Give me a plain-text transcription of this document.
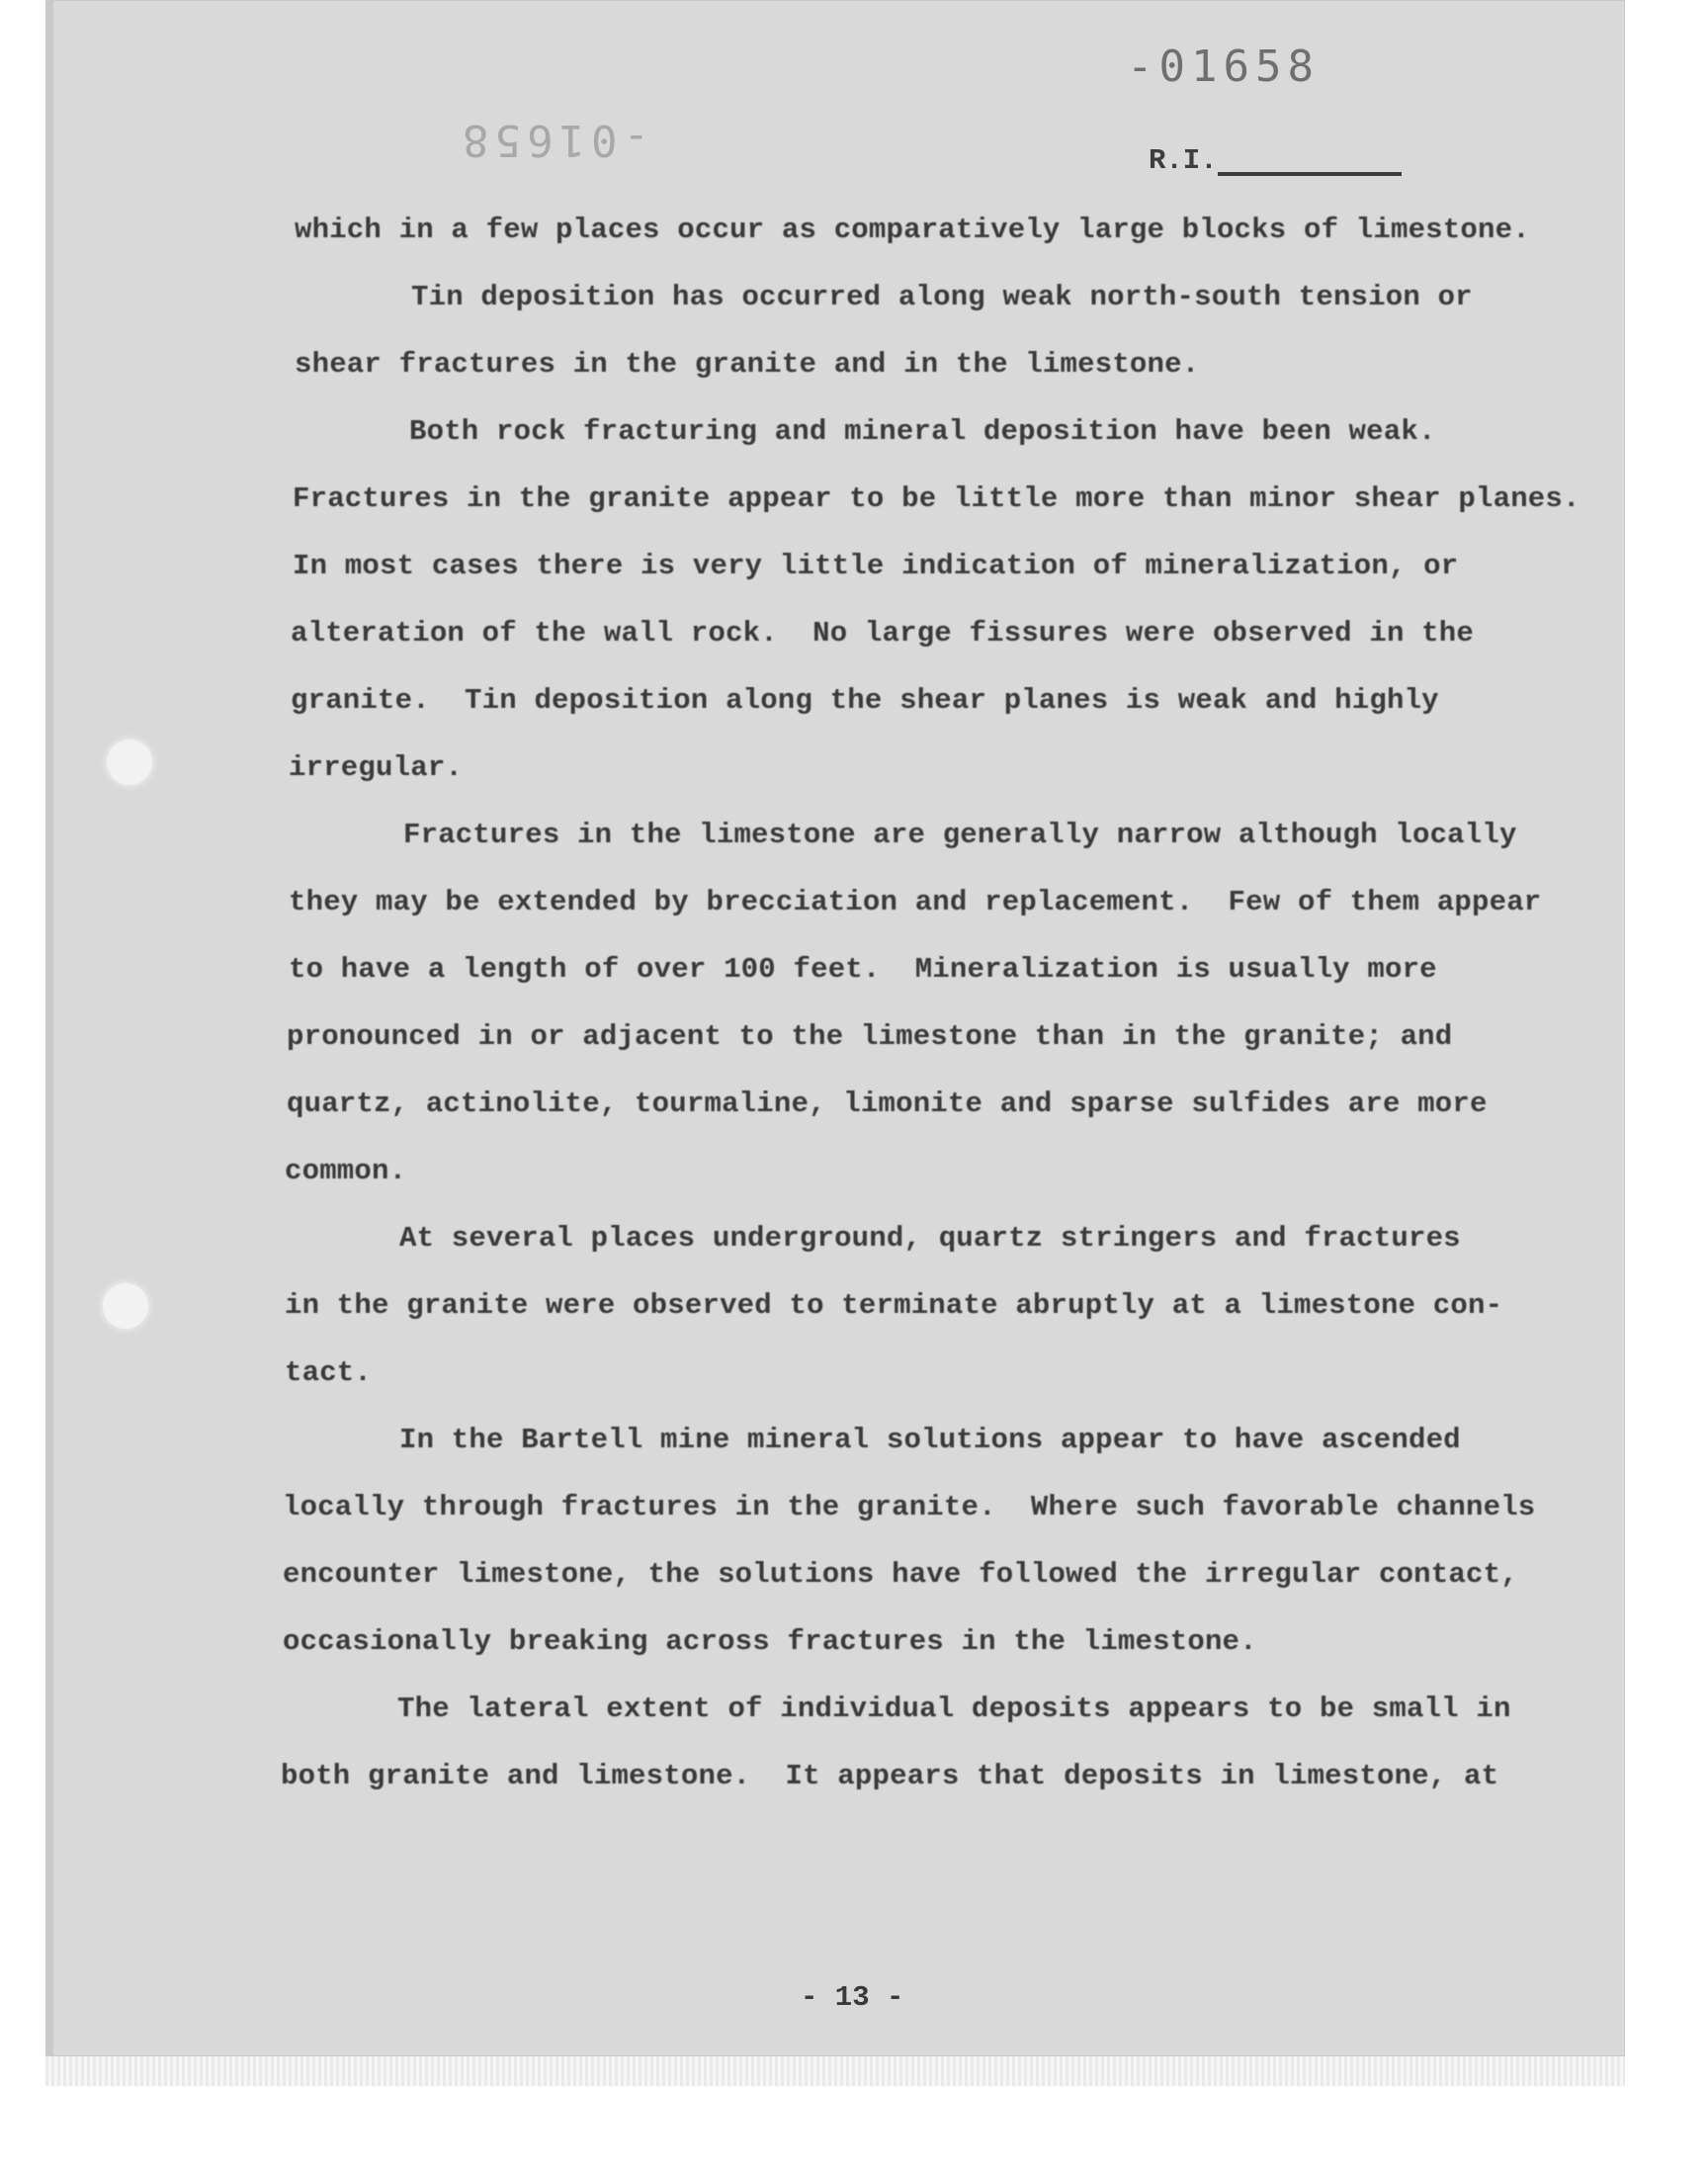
-01658
-01658	R.I.
which in a few places occur as comparatively large blocks of limestone.
Tin deposition has occurred along weak north-south tension or
shear fractures in the granite and in the limestone.
Both rock fracturing and mineral deposition have been weak.
Fractures in the granite appear to be little more than minor shear planes.
In most cases there is very little indication of mineralization, or
alteration of the wall rock.  No large fissures were observed in the
granite.  Tin deposition along the shear planes is weak and highly
irregular.
Fractures in the limestone are generally narrow although locally
they may be extended by brecciation and replacement.  Few of them appear
to have a length of over 100 feet.  Mineralization is usually more
pronounced in or adjacent to the limestone than in the granite; and
quartz, actinolite, tourmaline, limonite and sparse sulfides are more
common.
At several places underground, quartz stringers and fractures
in the granite were observed to terminate abruptly at a limestone con-
tact.
In the Bartell mine mineral solutions appear to have ascended
locally through fractures in the granite.  Where such favorable channels
encounter limestone, the solutions have followed the irregular contact,
occasionally breaking across fractures in the limestone.
The lateral extent of individual deposits appears to be small in
both granite and limestone.  It appears that deposits in limestone, at
- 13 -
